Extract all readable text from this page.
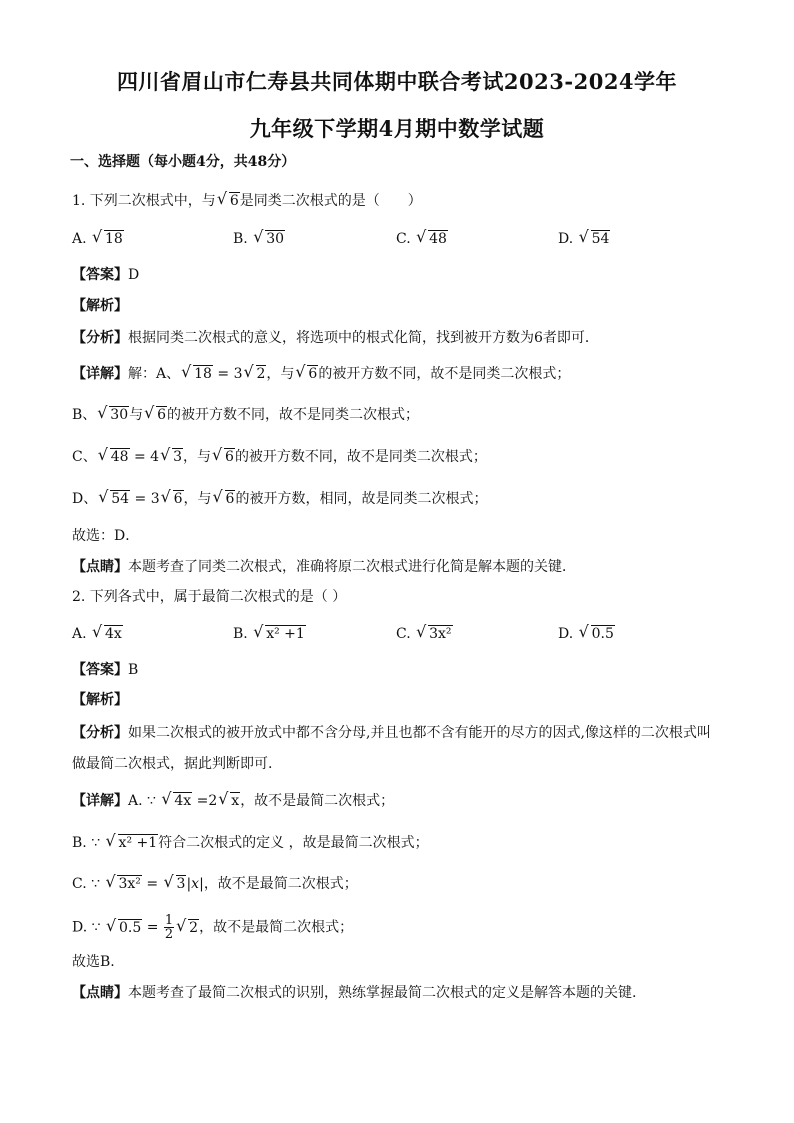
四川省眉山市仁寿县共同体期中联合考试2023-2024学年
九年级下学期4月期中数学试题
一、选择题（每小题4分，共48分）
1. 下列二次根式中，与 √ 6是同类二次根式的是（　　）
A. √ 18	B. √ 30	C. √ 48	D. √ 54
【答案】D
【解析】
【分析】根据同类二次根式的意义，将选项中的根式化简，找到被开方数为6者即可．
【详解】解：A、 √ 18 = 3 √ 2，与 √ 6的被开方数不同，故不是同类二次根式；
B、 √ 30与 √ 6的被开方数不同，故不是同类二次根式；
C、 √ 48 = 4 √ 3，与 √ 6的被开方数不同，故不是同类二次根式；
D、 √ 54 = 3 √ 6，与 √ 6的被开方数，相同，故是同类二次根式；
故选：D．
【点睛】本题考查了同类二次根式，准确将原二次根式进行化简是解本题的关键．
2. 下列各式中，属于最简二次根式的是（ ）
A. √ 4x	B. √ x² +1	C. √ 3x²	D. √ 0.5
【答案】B
【解析】
【分析】如果二次根式的被开放式中都不含分母,并且也都不含有能开的尽方的因式,像这样的二次根式叫
做最简二次根式，据此判断即可.
【详解】A. ∵ √ 4x =2 √ x，故不是最简二次根式；
B. ∵ √ x² +1符合二次根式的定义 ，故是最简二次根式；
C. ∵ √ 3x² = √ 3|x|，故不是最简二次根式；
D. ∵ √ $0.5 = \frac{1}{2}$ √ 2，故不是最简二次根式；
故选B.
【点睛】本题考查了最简二次根式的识别，熟练掌握最简二次根式的定义是解答本题的关键.
